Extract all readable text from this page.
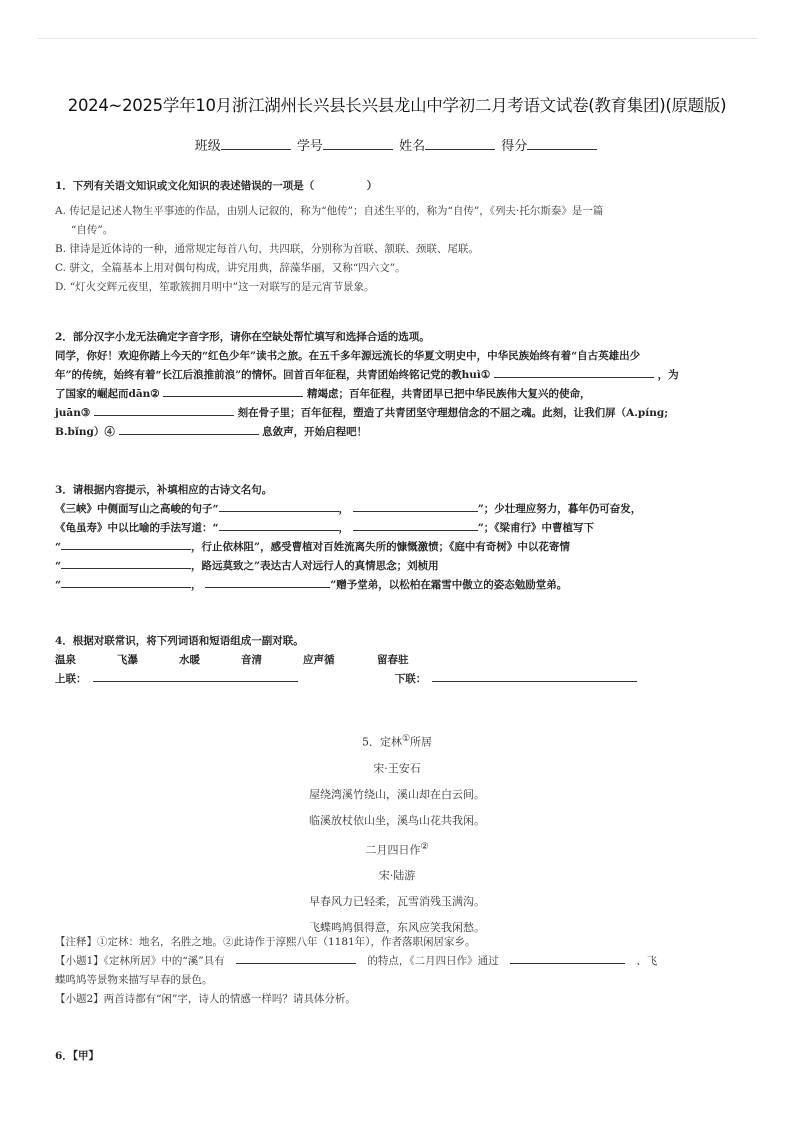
2024~2025学年10月浙江湖州长兴县长兴县龙山中学初二月考语文试卷(教育集团)(原题版)
班级	学号	姓名	得分

1．下列有关语文知识或文化知识的表述错误的一项是（　　　　　）

A. 传记是记述人物生平事迹的作品，由别人记叙的，称为“他传”；自述生平的，称为“自传”，《列夫·托尔斯泰》是一篇

“自传”。

B. 律诗是近体诗的一种，通常规定每首八句，共四联，分别称为首联、颔联、颈联、尾联。

C. 骈文，全篇基本上用对偶句构成，讲究用典，辞藻华丽，又称“四六文”。

D. “灯火交辉元夜里，笙歌簇拥月明中”这一对联写的是元宵节景象。

2．部分汉字小龙无法确定字音字形，请你在空缺处帮忙填写和选择合适的选项。

同学，你好！欢迎你踏上今天的“红色少年”读书之旅。在五千多年源远流长的华夏文明史中，中华民族始终有着“自古英雄出少

年”的传统，始终有着“长江后浪推前浪”的情怀。回首百年征程，共青团始终铭记党的教huì①	，为

了国家的崛起而dān②	精竭虑；百年征程，共青团早已把中华民族伟大复兴的使命，

juān③	刻在骨子里；百年征程，塑造了共青团坚守理想信念的不屈之魂。此刻，让我们屏（A.pínɡ;

B.bǐnɡ）④	息敛声，开始启程吧！

3．请根据内容提示，补填相应的古诗文名句。

《三峡》中侧面写山之高峻的句子“	，	”；少壮理应努力，暮年仍可奋发，

《龟虽寿》中以比喻的手法写道：“	，	”；《梁甫行》中曹植写下

“	，行止依林阻”，感受曹植对百姓流离失所的慷慨激愤；《庭中有奇树》中以花寄情

“	，路远莫致之”表达古人对远行人的真情思念；刘桢用

“	，	”赠予堂弟，以松柏在霜雪中傲立的姿态勉励堂弟。

4．根据对联常识，将下列词语和短语组成一副对联。

温泉	飞瀑	水暖	音清	应声循	留春驻

上联：	下联：

5．定林①所居

宋·王安石

屋绕湾溪竹绕山，溪山却在白云间。

临溪放杖依山坐，溪鸟山花共我闲。

二月四日作②

宋·陆游

早春风力已轻柔，瓦雪消残玉满沟。

飞蝶鸣鸠俱得意，东风应笑我闲愁。

【注释】①定林：地名，名胜之地。②此诗作于淳熙八年（1181年），作者落职闲居家乡。

【小题1】《定林所居》中的“溪”具有	的特点，《二月四日作》通过	、飞

蝶鸣鸠等景物来描写早春的景色。

【小题2】两首诗都有“闲”字，诗人的情感一样吗？请具体分析。

6．【甲】
